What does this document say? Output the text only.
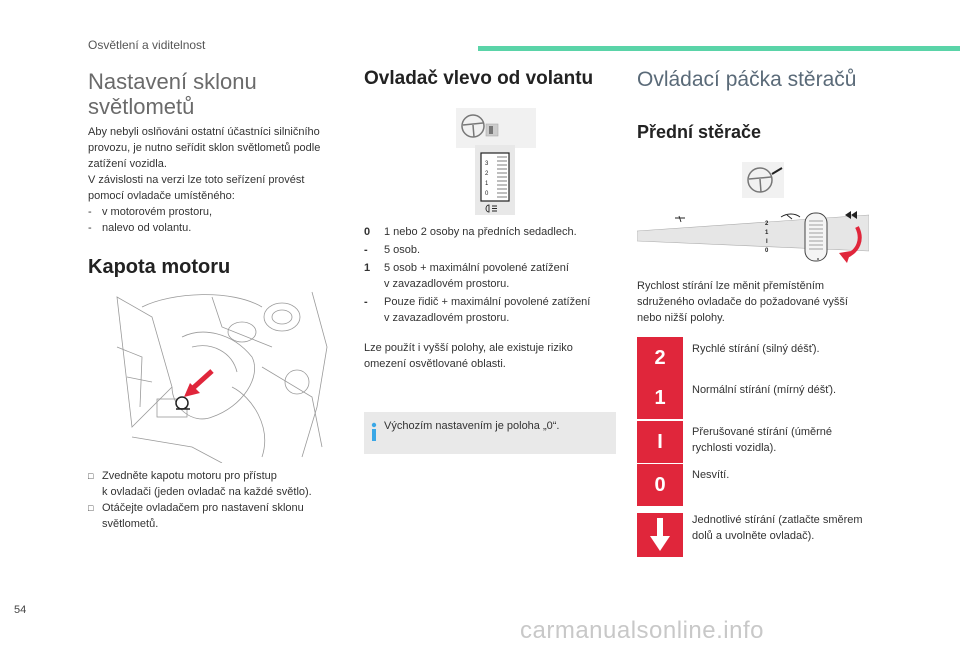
Osvětlení a viditelnost
Nastavení sklonu
světlometů
Aby nebyli oslňováni ostatní účastníci silničního
provozu, je nutno seřídit sklon světlometů podle
zatížení vozidla.
V závislosti na verzi lze toto seřízení provést
pomocí ovladače umístěného:
- v motorovém prostoru,
- nalevo od volantu.
Kapota motoru
□ Zvedněte kapotu motoru pro přístup
k ovladači (jeden ovladač na každé světlo).
□ Otáčejte ovladačem pro nastavení sklonu
světlometů.
Ovladač vlevo od volantu
3
2
1
0
0	1 nebo 2 osoby na předních sedadlech.
-	5 osob.
1	5 osob + maximální povolené zatížení
v zavazadlovém prostoru.
-	Pouze řidič + maximální povolené zatížení
v zavazadlovém prostoru.
Lze použít i vyšší polohy, ale existuje riziko
omezení osvětlované oblasti.
Výchozím nastavením je poloha „0“.
Ovládací páčka stěračů
Přední stěrače
2
1
I
0
Rychlost stírání lze měnit přemístěním
sdruženého ovladače do požadované vyšší
nebo nižší polohy.
2	Rychlé stírání (silný déšť).
1	Normální stírání (mírný déšť).
I	Přerušované stírání (úměrné
rychlosti vozidla).
0	Nesvítí.
Jednotlivé stírání (zatlačte směrem
dolů a uvolněte ovladač).
54
carmanualsonline.info
